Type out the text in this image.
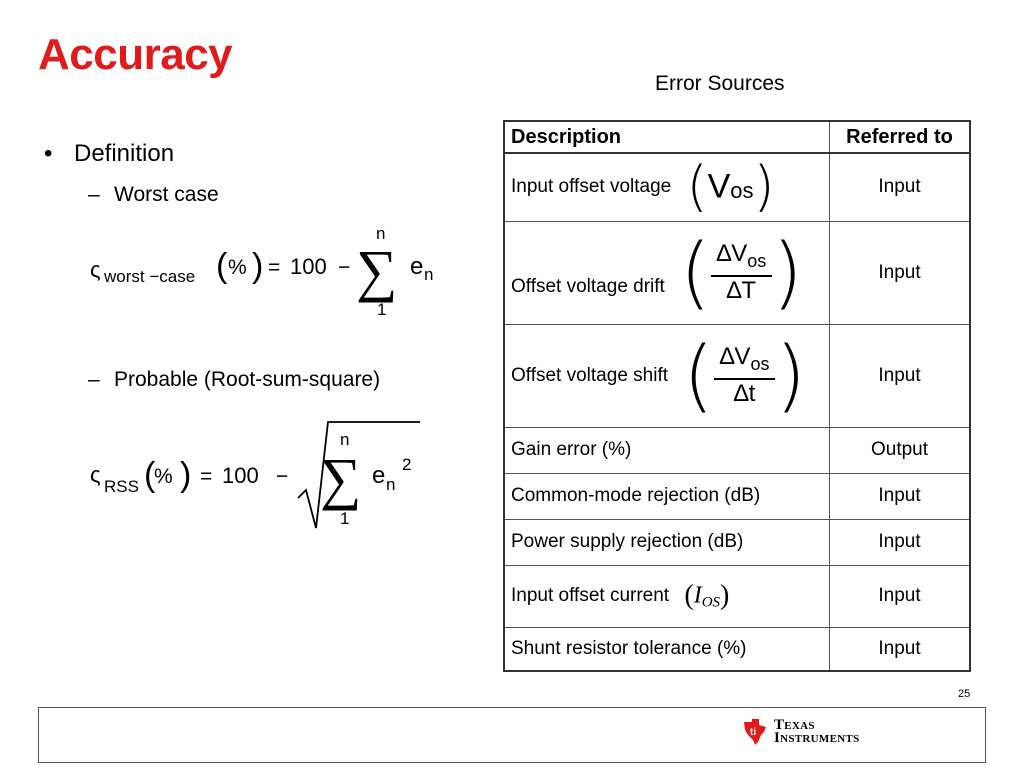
Accuracy
Error Sources
• Definition
– Worst case
– Probable (Root-sum-square)
ς worst −case ( % ) = 100 −
n
∑
1
e n
ς RSS (
% ) = 100 −
n
∑
1
e n
2
Description	Referred to
Input offset voltage (Vos)	Input
Offset voltage drift ( $\frac{\Delta V_{os}}{\Delta T}$ )	Input
Offset voltage shift ( $\frac{\Delta V_{os}}{\Delta t}$ )	Input
Gain error (%)	Output
Common-mode rejection (dB)	Input
Power supply rejection (dB)	Input
Input offset current $(I_{OS})$	Input
Shunt resistor tolerance (%)	Input
25
ti Texas
Instruments
